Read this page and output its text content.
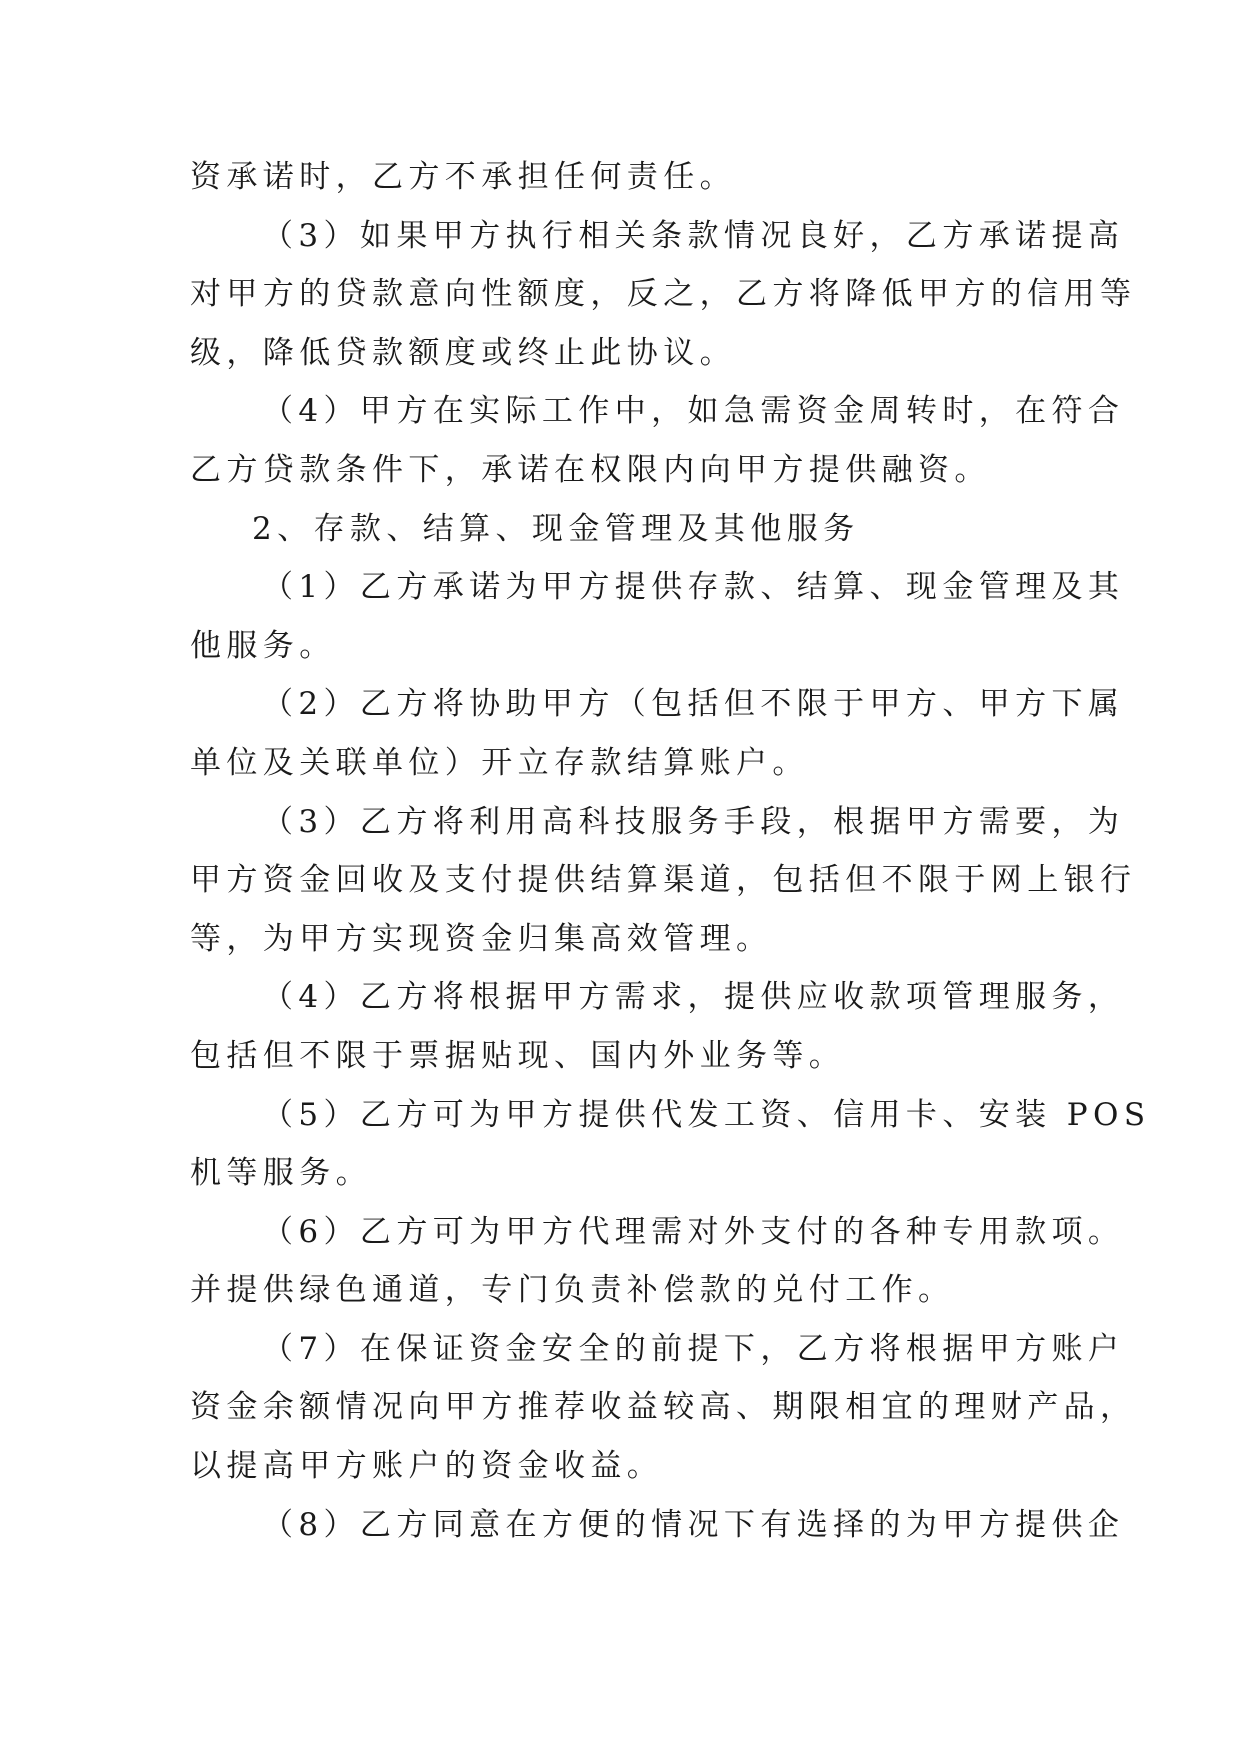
资承诺时，乙方不承担任何责任。
（3）如果甲方执行相关条款情况良好，乙方承诺提高
对甲方的贷款意向性额度，反之，乙方将降低甲方的信用等
级，降低贷款额度或终止此协议。
（4）甲方在实际工作中，如急需资金周转时，在符合
乙方贷款条件下，承诺在权限内向甲方提供融资。
2、存款、结算、现金管理及其他服务
（1）乙方承诺为甲方提供存款、结算、现金管理及其
他服务。
（2）乙方将协助甲方（包括但不限于甲方、甲方下属
单位及关联单位）开立存款结算账户。
（3）乙方将利用高科技服务手段，根据甲方需要，为
甲方资金回收及支付提供结算渠道，包括但不限于网上银行
等，为甲方实现资金归集高效管理。
（4）乙方将根据甲方需求，提供应收款项管理服务，
包括但不限于票据贴现、国内外业务等。
（5）乙方可为甲方提供代发工资、信用卡、安装 POS
机等服务。
（6）乙方可为甲方代理需对外支付的各种专用款项。
并提供绿色通道，专门负责补偿款的兑付工作。
（7）在保证资金安全的前提下，乙方将根据甲方账户
资金余额情况向甲方推荐收益较高、期限相宜的理财产品，
以提高甲方账户的资金收益。
（8）乙方同意在方便的情况下有选择的为甲方提供企
